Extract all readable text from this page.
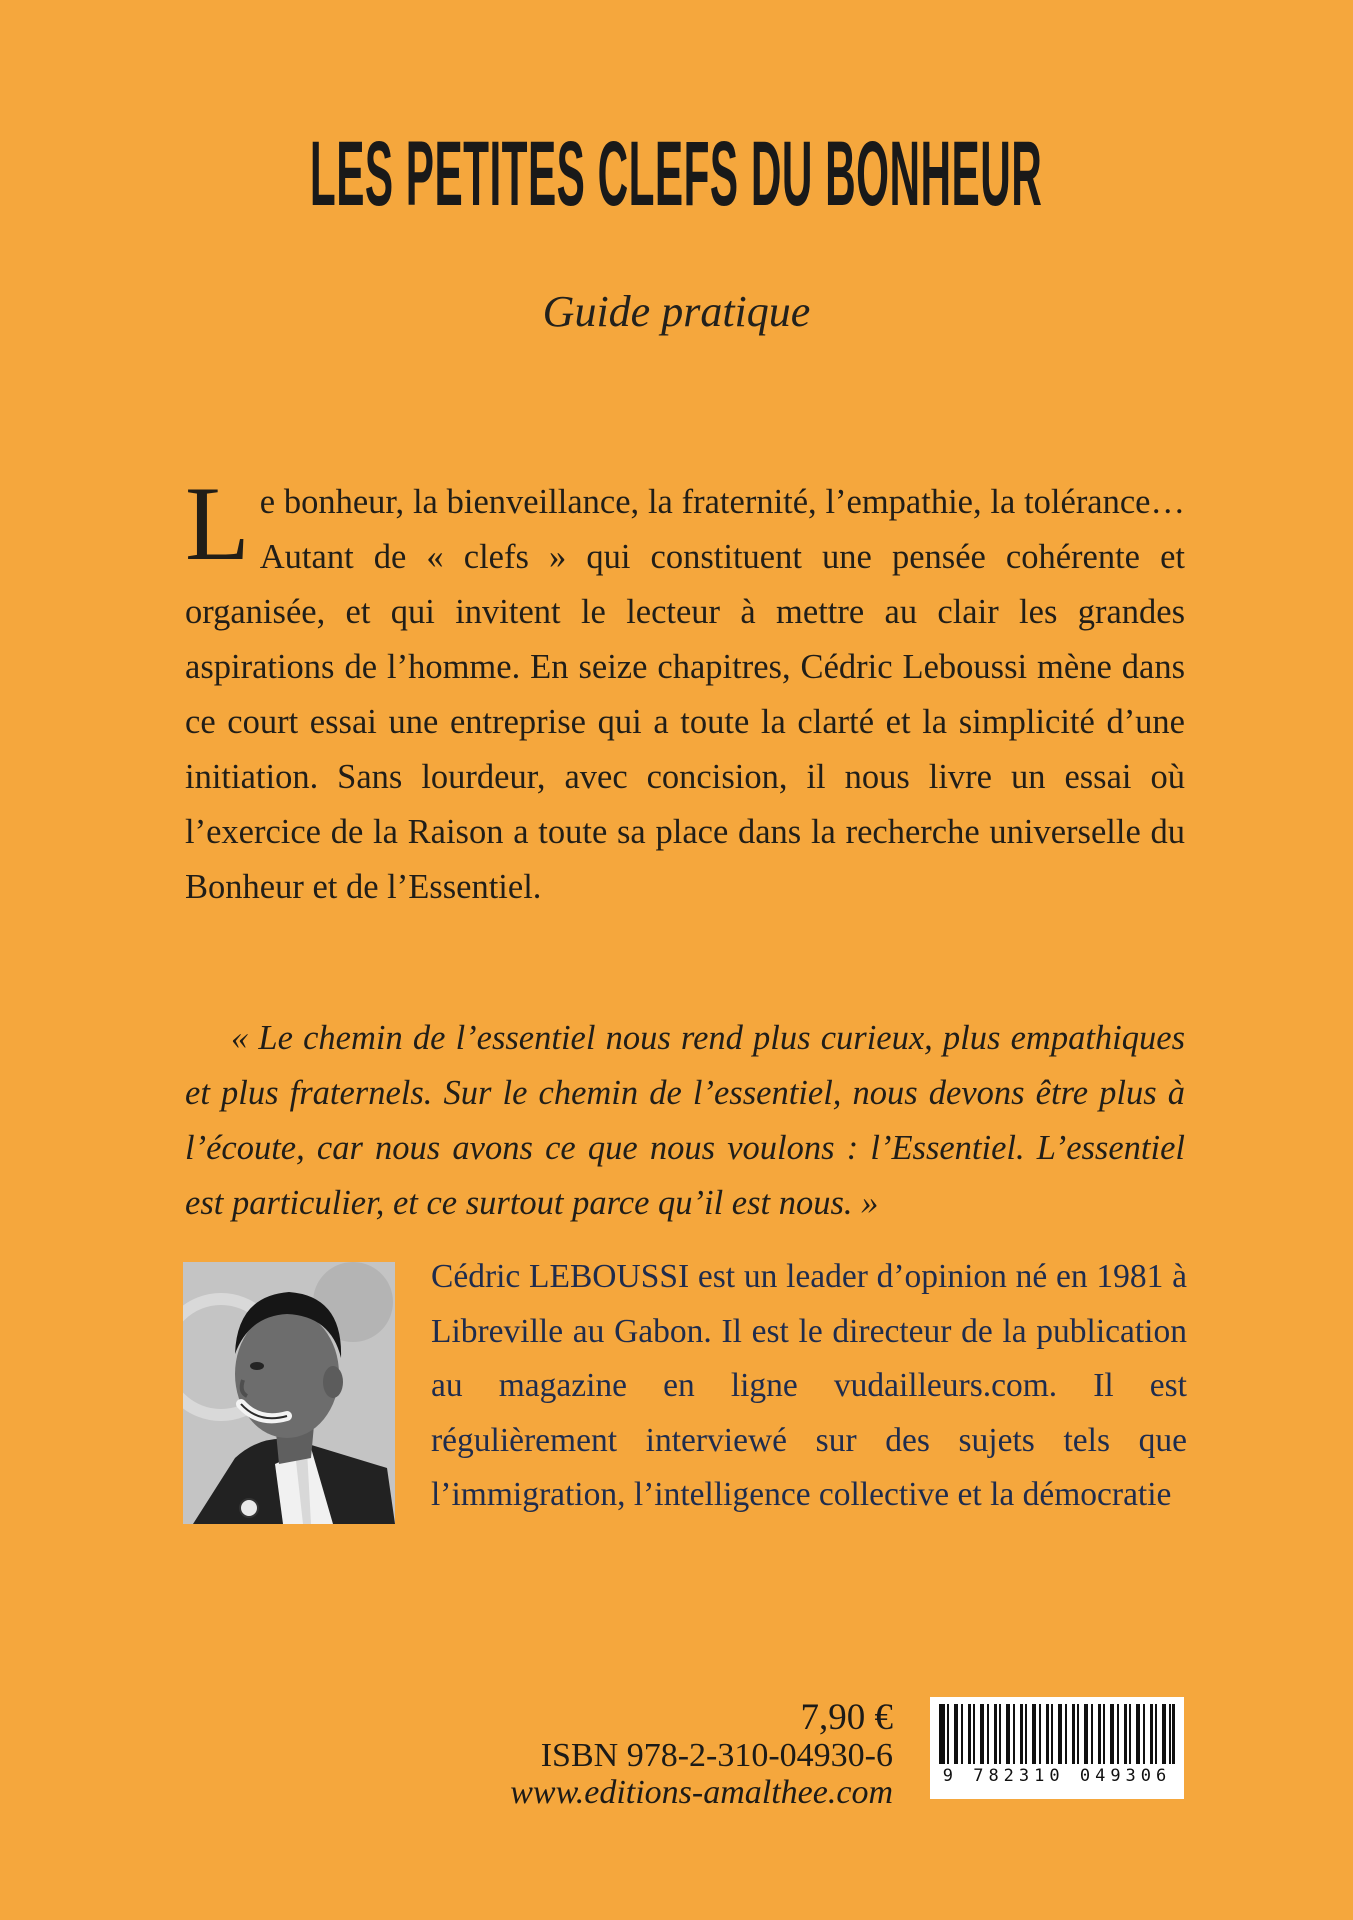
LES PETITES CLEFS DU BONHEUR
Guide pratique

Le bonheur, la bienveillance, la fraternité, l’empathie, la tolérance… Autant de « clefs » qui constituent une pensée cohérente et organisée, et qui invitent le lecteur à mettre au clair les grandes aspirations de l’homme. En seize chapitres, Cédric Leboussi mène dans ce court essai une entreprise qui a toute la clarté et la simplicité d’une initiation. Sans lourdeur, avec concision, il nous livre un essai où l’exercice de la Raison a toute sa place dans la recherche universelle du Bonheur et de l’Essentiel.

« Le chemin de l’essentiel nous rend plus curieux, plus empathiques et plus fraternels. Sur le chemin de l’essentiel, nous devons être plus à l’écoute, car nous avons ce que nous voulons : l’Essentiel. L’essentiel est particulier, et ce surtout parce qu’il est nous. »

Cédric LEBOUSSI est un leader d’opinion né en 1981 à Libreville au Gabon. Il est le directeur de la publication au magazine en ligne vudailleurs.com. Il est régulièrement interviewé sur des sujets tels que l’immigration, l’intelligence collective et la démocratie

7,90 €
ISBN 978-2-310-04930-6
www.editions-amalthee.com	9 782310 049306
